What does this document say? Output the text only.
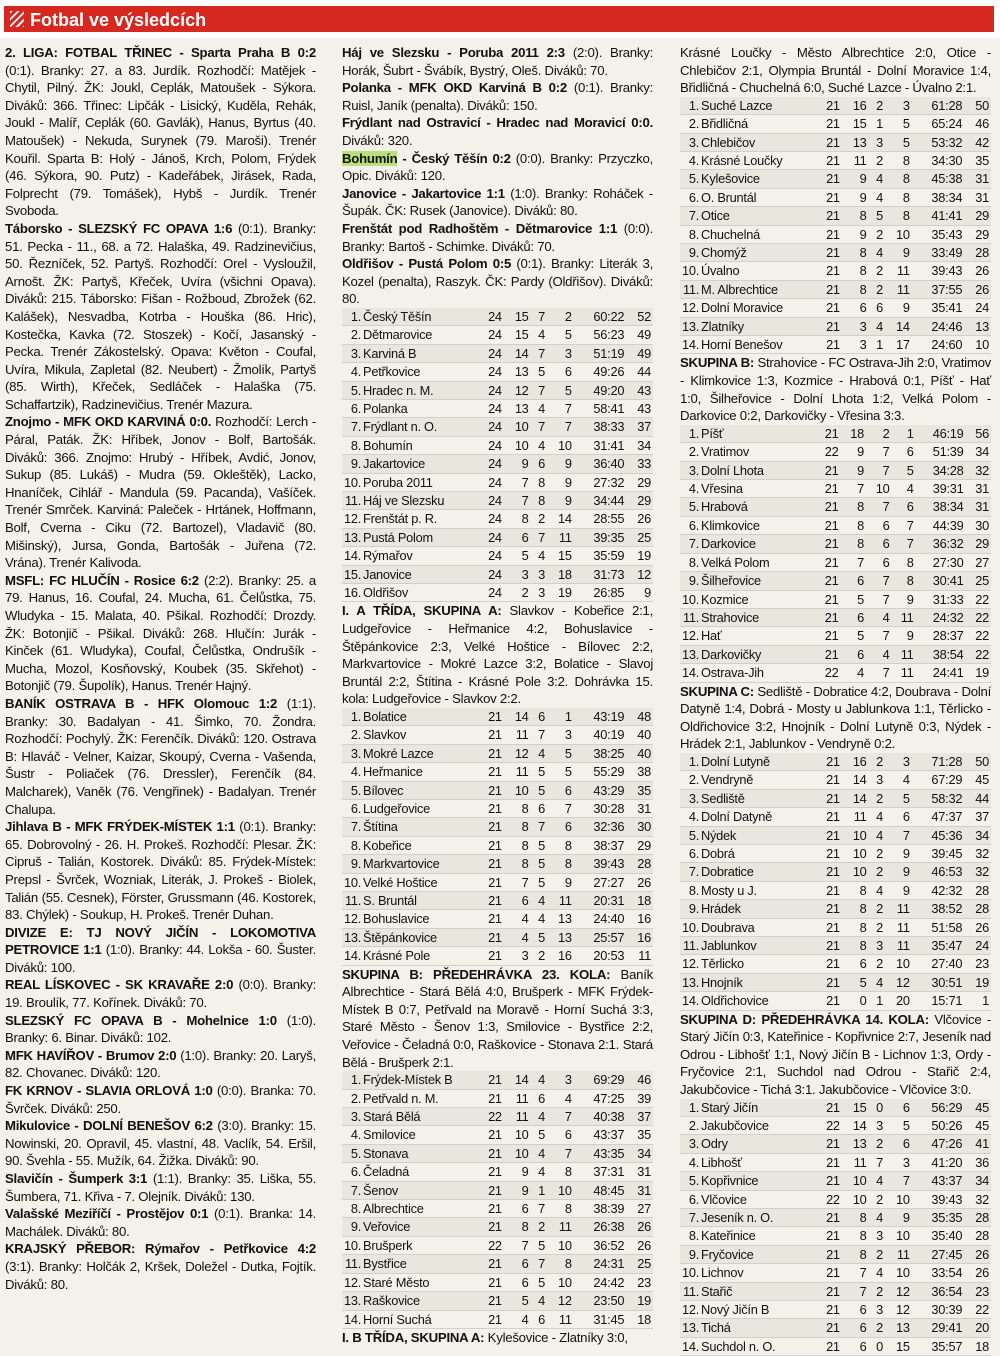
Fotbal ve výsledcích

2. LIGA: FOTBAL TŘINEC - Sparta Praha B 0:2 (0:1). Branky: 27. a 83. Jurdík. Rozhodčí: Matějek - Chytil, Pilný. ŽK: Joukl, Ceplák, Matoušek - Sýkora. Diváků: 366. Třinec: Lipčák - Lisický, Kuděla, Rehák, Joukl - Malíř, Ceplák (60. Gavlák), Hanus, Byrtus (40. Matoušek) - Nekuda, Surynek (79. Maroši). Trenér Kouřil. Sparta B: Holý - Jánoš, Krch, Polom, Frýdek (46. Sýkora, 90. Putz) - Kadeřábek, Jirásek, Rada, Folprecht (79. Tomášek), Hybš - Jurdík. Trenér Svoboda.

Táborsko - SLEZSKÝ FC OPAVA 1:6 (0:1). Branky: 51. Pecka - 11., 68. a 72. Halaška, 49. Radzinevičius, 50. Řezníček, 52. Partyš. Rozhodčí: Orel - Vysloužil, Arnošt. ŽK: Partyš, Křeček, Uvíra (všichni Opava). Diváků: 215. Táborsko: Fišan - Rožboud, Zbrožek (62. Kalášek), Nesvadba, Kotrba - Houška (86. Hric), Kostečka, Kavka (72. Stoszek) - Kočí, Jasanský - Pecka. Trenér Zákostelský. Opava: Květon - Coufal, Uvíra, Mikula, Zapletal (82. Neubert) - Žmolík, Partyš (85. Wirth), Křeček, Sedláček - Halaška (75. Schaffartzik), Radzinevičius. Trenér Mazura.

Znojmo - MFK OKD KARVINÁ 0:0. Rozhodčí: Lerch - Páral, Paták. ŽK: Hříbek, Jonov - Bolf, Bartošák. Diváků: 366. Znojmo: Hrubý - Hříbek, Avdić, Jonov, Sukup (85. Lukáš) - Mudra (59. Okleštěk), Lacko, Hnaníček, Cihlář - Mandula (59. Pacanda), Vašíček. Trenér Smrček. Karviná: Paleček - Hrtánek, Hoffmann, Bolf, Cverna - Ciku (72. Bartozel), Vladavič (80. Mišinský), Jursa, Gonda, Bartošák - Juřena (72. Vrána). Trenér Kalivoda.

MSFL: FC HLUČÍN - Rosice 6:2 (2:2). Branky: 25. a 79. Hanus, 16. Coufal, 24. Mucha, 61. Čelůstka, 75. Wludyka - 15. Malata, 40. Pšikal. Rozhodčí: Drozdy. ŽK: Botonjič - Pšikal. Diváků: 268. Hlučín: Jurák - Kinček (61. Wludyka), Coufal, Čelůstka, Ondrušík - Mucha, Mozol, Kosňovský, Koubek (35. Skřehot) - Botonjič (79. Šupolík), Hanus. Trenér Hajný.

BANÍK OSTRAVA B - HFK Olomouc 1:2 (1:1). Branky: 30. Badalyan - 41. Šimko, 70. Žondra. Rozhodčí: Pochylý. ŽK: Ferenčík. Diváků: 120. Ostrava B: Hlaváč - Velner, Kaizar, Skoupý, Cverna - Vašenda, Šustr - Poliaček (76. Dressler), Ferenčík (84. Malcharek), Vaněk (76. Vengřinek) - Badalyan. Trenér Chalupa.

Jihlava B - MFK FRÝDEK-MÍSTEK 1:1 (0:1). Branky: 65. Dobrovolný - 26. H. Prokeš. Rozhodčí: Plesar. ŽK: Cipruš - Talián, Kostorek. Diváků: 85. Frýdek-Místek: Prepsl - Švrček, Wozniak, Literák, J. Prokeš - Biolek, Talián (55. Cesnek), Förster, Grussmann (46. Kostorek, 83. Chýlek) - Soukup, H. Prokeš. Trenér Duhan.

DIVIZE E: TJ NOVÝ JIČÍN - LOKOMOTIVA PETROVICE 1:1 (1:0). Branky: 44. Lokša - 60. Šuster. Diváků: 100.

REAL LÍSKOVEC - SK KRAVAŘE 2:0 (0:0). Branky: 19. Broulík, 77. Kořínek. Diváků: 70.

SLEZSKÝ FC OPAVA B - Mohelnice 1:0 (1:0). Branky: 6. Binar. Diváků: 102.

MFK HAVÍŘOV - Brumov 2:0 (1:0). Branky: 20. Laryš, 82. Chovanec. Diváků: 120.

FK KRNOV - SLAVIA ORLOVÁ 1:0 (0:0). Branka: 70. Švrček. Diváků: 250.

Mikulovice - DOLNÍ BENEŠOV 6:2 (3:0). Branky: 15. Nowinski, 20. Opravil, 45. vlastní, 48. Vaclík, 54. Eršil, 90. Švehla - 55. Mužík, 64. Žižka. Diváků: 90.

Slavičín - Šumperk 3:1 (1:1). Branky: 35. Liška, 55. Šumbera, 71. Křiva - 7. Olejník. Diváků: 130.

Valašské Meziříčí - Prostějov 0:1 (0:1). Branka: 14. Machálek. Diváků: 80.

KRAJSKÝ PŘEBOR: Rýmařov - Petřkovice 4:2 (3:1). Branky: Holčák 2, Kršek, Doležel - Dutka, Fojtík. Diváků: 80.

Háj ve Slezsku - Poruba 2011 2:3 (2:0). Branky: Horák, Šubrt - Švábík, Bystrý, Oleš. Diváků: 70.

Polanka - MFK OKD Karviná B 0:2 (0:1). Branky: Ruisl, Janík (penalta). Diváků: 150.

Frýdlant nad Ostravicí - Hradec nad Moravicí 0:0. Diváků: 320.

Bohumín - Český Těšín 0:2 (0:0). Branky: Przyczko, Opic. Diváků: 120.

Janovice - Jakartovice 1:1 (1:0). Branky: Roháček - Šupák. ČK: Rusek (Janovice). Diváků: 80.

Frenštát pod Radhoštěm - Dětmarovice 1:1 (0:0). Branky: Bartoš - Schimke. Diváků: 70.

Oldřišov - Pustá Polom 0:5 (0:1). Branky: Literák 3, Kozel (penalta), Raszyk. ČK: Pardy (Oldřišov). Diváků: 80.

1.	Český Těšín	24	15	7	2	60:22	52
2.	Dětmarovice	24	15	4	5	56:23	49
3.	Karviná B	24	14	7	3	51:19	49
4.	Petřkovice	24	13	5	6	49:26	44
5.	Hradec n. M.	24	12	7	5	49:20	43
6.	Polanka	24	13	4	7	58:41	43
7.	Frýdlant n. O.	24	10	7	7	38:33	37
8.	Bohumín	24	10	4	10	31:41	34
9.	Jakartovice	24	9	6	9	36:40	33
10.	Poruba 2011	24	7	8	9	27:32	29
11.	Háj ve Slezsku	24	7	8	9	34:44	29
12.	Frenštát p. R.	24	8	2	14	28:55	26
13.	Pustá Polom	24	6	7	11	39:35	25
14.	Rýmařov	24	5	4	15	35:59	19
15.	Janovice	24	3	3	18	31:73	12
16.	Oldřišov	24	2	3	19	26:85	9

I. A TŘÍDA, SKUPINA A: Slavkov - Kobeřice 2:1, Ludgeřovice - Heřmanice 4:2, Bohuslavice - Štěpánkovice 2:3, Velké Hoštice - Bílovec 2:2, Markvartovice - Mokré Lazce 3:2, Bolatice - Slavoj Bruntál 2:2, Štítina - Krásné Pole 3:2. Dohrávka 15. kola: Ludgeřovice - Slavkov 2:2.

1.	Bolatice	21	14	6	1	43:19	48
2.	Slavkov	21	11	7	3	40:19	40
3.	Mokré Lazce	21	12	4	5	38:25	40
4.	Heřmanice	21	11	5	5	55:29	38
5.	Bílovec	21	10	5	6	43:29	35
6.	Ludgeřovice	21	8	6	7	30:28	31
7.	Štítina	21	8	7	6	32:36	30
8.	Kobeřice	21	8	5	8	38:37	29
9.	Markvartovice	21	8	5	8	39:43	28
10.	Velké Hoštice	21	7	5	9	27:27	26
11.	S. Bruntál	21	6	4	11	20:31	18
12.	Bohuslavice	21	4	4	13	24:40	16
13.	Štěpánkovice	21	4	5	13	25:57	16
14.	Krásné Pole	21	3	2	16	20:53	11

SKUPINA B: PŘEDEHRÁVKA 23. KOLA: Baník Albrechtice - Stará Bělá 4:0, Brušperk - MFK Frýdek-Místek B 0:7, Petřvald na Moravě - Horní Suchá 3:3, Staré Město - Šenov 1:3, Smilovice - Bystřice 2:2, Veřovice - Čeladná 0:0, Raškovice - Stonava 2:1. Stará Bělá - Brušperk 2:1.

1.	Frýdek-Místek B	21	14	4	3	69:29	46
2.	Petřvald n. M.	21	11	6	4	47:25	39
3.	Stará Bělá	22	11	4	7	40:38	37
4.	Smilovice	21	10	5	6	43:37	35
5.	Stonava	21	10	4	7	43:35	34
6.	Čeladná	21	9	4	8	37:31	31
7.	Šenov	21	9	1	10	48:45	31
8.	Albrechtice	21	6	7	8	38:39	27
9.	Veřovice	21	8	2	11	26:38	26
10.	Brušperk	22	7	5	10	36:52	26
11.	Bystřice	21	6	7	8	24:31	25
12.	Staré Město	21	6	5	10	24:42	23
13.	Raškovice	21	5	4	12	23:50	19
14.	Horní Suchá	21	4	6	11	31:45	18

I. B TŘÍDA, SKUPINA A: Kylešovice - Zlatníky 3:0,

Krásné Loučky - Město Albrechtice 2:0, Otice - Chlebičov 2:1, Olympia Bruntál - Dolní Moravice 1:4, Břidličná - Chuchelná 6:0, Suché Lazce - Úvalno 2:1.

1.	Suché Lazce	21	16	2	3	61:28	50
2.	Břidličná	21	15	1	5	65:24	46
3.	Chlebičov	21	13	3	5	53:32	42
4.	Krásné Loučky	21	11	2	8	34:30	35
5.	Kylešovice	21	9	4	8	45:38	31
6.	O. Bruntál	21	9	4	8	38:34	31
7.	Otice	21	8	5	8	41:41	29
8.	Chuchelná	21	9	2	10	35:43	29
9.	Chomýž	21	8	4	9	33:49	28
10.	Úvalno	21	8	2	11	39:43	26
11.	M. Albrechtice	21	8	2	11	37:55	26
12.	Dolní Moravice	21	6	6	9	35:41	24
13.	Zlatníky	21	3	4	14	24:46	13
14.	Horní Benešov	21	3	1	17	24:60	10

SKUPINA B: Strahovice - FC Ostrava-Jih 2:0, Vratimov - Klimkovice 1:3, Kozmice - Hrabová 0:1, Píšť - Hať 1:0, Šilheřovice - Dolní Lhota 1:2, Velká Polom - Darkovice 0:2, Darkovičky - Vřesina 3:3.

1.	Píšť	21	18	2	1	46:19	56
2.	Vratimov	22	9	7	6	51:39	34
3.	Dolní Lhota	21	9	7	5	34:28	32
4.	Vřesina	21	7	10	4	39:31	31
5.	Hrabová	21	8	7	6	38:34	31
6.	Klimkovice	21	8	6	7	44:39	30
7.	Darkovice	21	8	6	7	36:32	29
8.	Velká Polom	21	7	6	8	27:30	27
9.	Šilheřovice	21	6	7	8	30:41	25
10.	Kozmice	21	5	7	9	31:33	22
11.	Strahovice	21	6	4	11	24:32	22
12.	Hať	21	5	7	9	28:37	22
13.	Darkovičky	21	6	4	11	38:54	22
14.	Ostrava-Jih	22	4	7	11	24:41	19

SKUPINA C: Sedliště - Dobratice 4:2, Doubrava - Dolní Datyně 1:4, Dobrá - Mosty u Jablunkova 1:1, Těrlicko - Oldřichovice 3:2, Hnojník - Dolní Lutyně 0:3, Nýdek - Hrádek 2:1, Jablunkov - Vendryně 0:2.

1.	Dolní Lutyně	21	16	2	3	71:28	50
2.	Vendryně	21	14	3	4	67:29	45
3.	Sedliště	21	14	2	5	58:32	44
4.	Dolní Datyně	21	11	4	6	47:37	37
5.	Nýdek	21	10	4	7	45:36	34
6.	Dobrá	21	10	2	9	39:45	32
7.	Dobratice	21	10	2	9	46:53	32
8.	Mosty u J.	21	8	4	9	42:32	28
9.	Hrádek	21	8	2	11	38:52	28
10.	Doubrava	21	8	2	11	51:58	26
11.	Jablunkov	21	8	3	11	35:47	24
12.	Těrlicko	21	6	2	10	27:40	23
13.	Hnojník	21	5	4	12	30:51	19
14.	Oldřichovice	21	0	1	20	15:71	1

SKUPINA D: PŘEDEHRÁVKA 14. KOLA: Vlčovice - Starý Jičín 0:3, Kateřinice - Kopřivnice 2:7, Jeseník nad Odrou - Libhošť 1:1, Nový Jičín B - Lichnov 1:3, Ordy - Fryčovice 2:1, Suchdol nad Odrou - Stařič 2:4, Jakubčovice - Tichá 3:1. Jakubčovice - Vlčovice 3:0.

1.	Starý Jičín	21	15	0	6	56:29	45
2.	Jakubčovice	22	14	3	5	50:26	45
3.	Odry	21	13	2	6	47:26	41
4.	Libhošť	21	11	7	3	41:20	36
5.	Kopřivnice	21	10	4	7	43:37	34
6.	Vlčovice	22	10	2	10	39:43	32
7.	Jeseník n. O.	21	8	4	9	35:35	28
8.	Kateřinice	21	8	3	10	35:40	28
9.	Fryčovice	21	8	2	11	27:45	26
10.	Lichnov	21	7	4	10	33:54	26
11.	Stařič	21	7	2	12	36:54	23
12.	Nový Jičín B	21	6	3	12	30:39	22
13.	Tichá	21	6	2	13	29:41	20
14.	Suchdol n. O.	21	6	0	15	35:57	18
